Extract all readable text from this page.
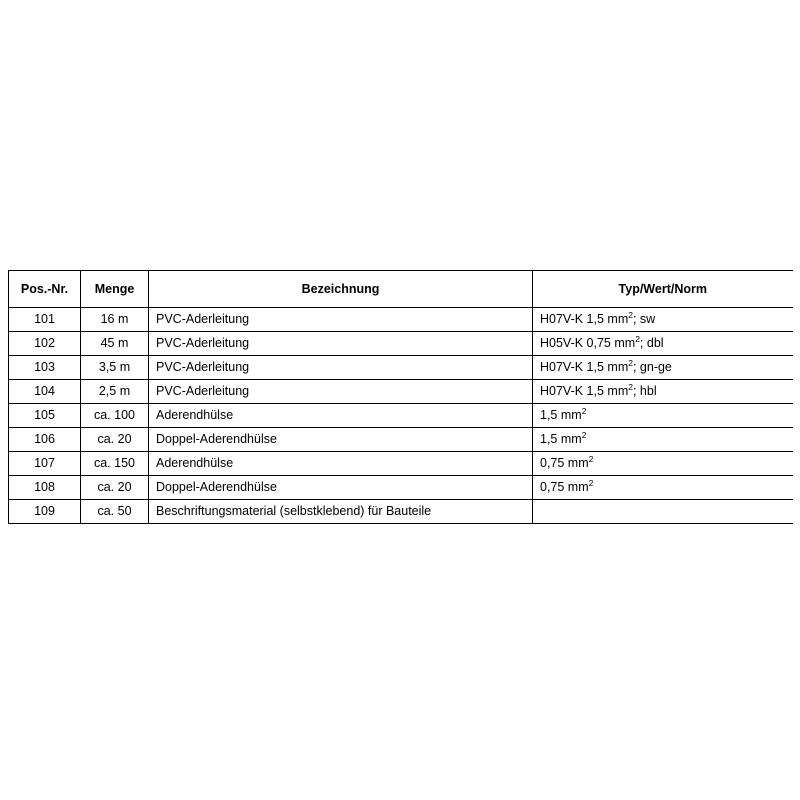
Pos.-Nr.	Menge	Bezeichnung	Typ/Wert/Norm

101	16 m	PVC-Aderleitung	H07V-K 1,5 $mm^2$; sw

102	45 m	PVC-Aderleitung	H05V-K 0,75 $mm^2$; dbl

103	3,5 m	PVC-Aderleitung	H07V-K 1,5 $mm^2$; gn-ge

104	2,5 m	PVC-Aderleitung	H07V-K 1,5 $mm^2$; hbl

105	ca. 100	Aderendhülse	1,5 $mm^2$

106	ca. 20	Doppel-Aderendhülse	1,5 $mm^2$

107	ca. 150	Aderendhülse	0,75 $mm^2$

108	ca. 20	Doppel-Aderendhülse	0,75 $mm^2$

109	ca. 50	Beschriftungsmaterial (selbstklebend) für Bauteile	
